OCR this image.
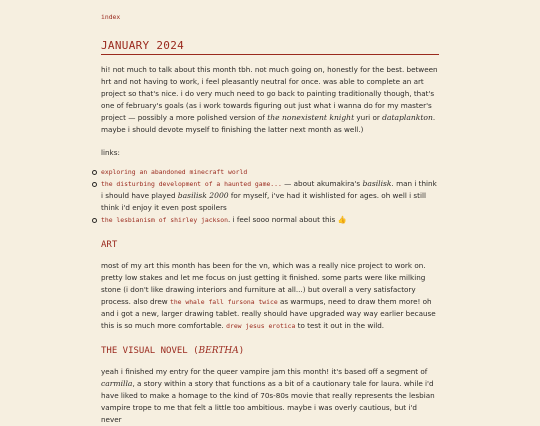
index
JANUARY 2024

hi! not much to talk about this month tbh. not much going on, honestly for the best. between hrt and not having to work, i feel pleasantly neutral for once. was able to complete an art project so that's nice. i do very much need to go back to painting traditionally though, that's one of february's goals (as i work towards figuring out just what i wanna do for my master's project — possibly a more polished version of the nonexistent knight yuri or dataplankton. maybe i should devote myself to finishing the latter next month as well.)

links:

exploring an abandoned minecraft world
the disturbing development of a haunted game... — about akumakira's basilisk. man i think i should have played basilisk 2000 for myself, i've had it wishlisted for ages. oh well i still think i'd enjoy it even post spoilers
the lesbianism of shirley jackson. i feel sooo normal about this 👍
ART

most of my art this month has been for the vn, which was a really nice project to work on. pretty low stakes and let me focus on just getting it finished. some parts were like milking stone (i don't like drawing interiors and furniture at all...) but overall a very satisfactory process. also drew the whale fall fursona twice as warmups, need to draw them more! oh and i got a new, larger drawing tablet. really should have upgraded way way earlier because this is so much more comfortable. drew jesus erotica to test it out in the wild.

THE VISUAL NOVEL (BERTHA)

yeah i finished my entry for the queer vampire jam this month! it's based off a segment of carmilla, a story within a story that functions as a bit of a cautionary tale for laura. while i'd have liked to make a homage to the kind of 70s-80s movie that really represents the lesbian vampire trope to me that felt a little too ambitious. maybe i was overly cautious, but i'd never
